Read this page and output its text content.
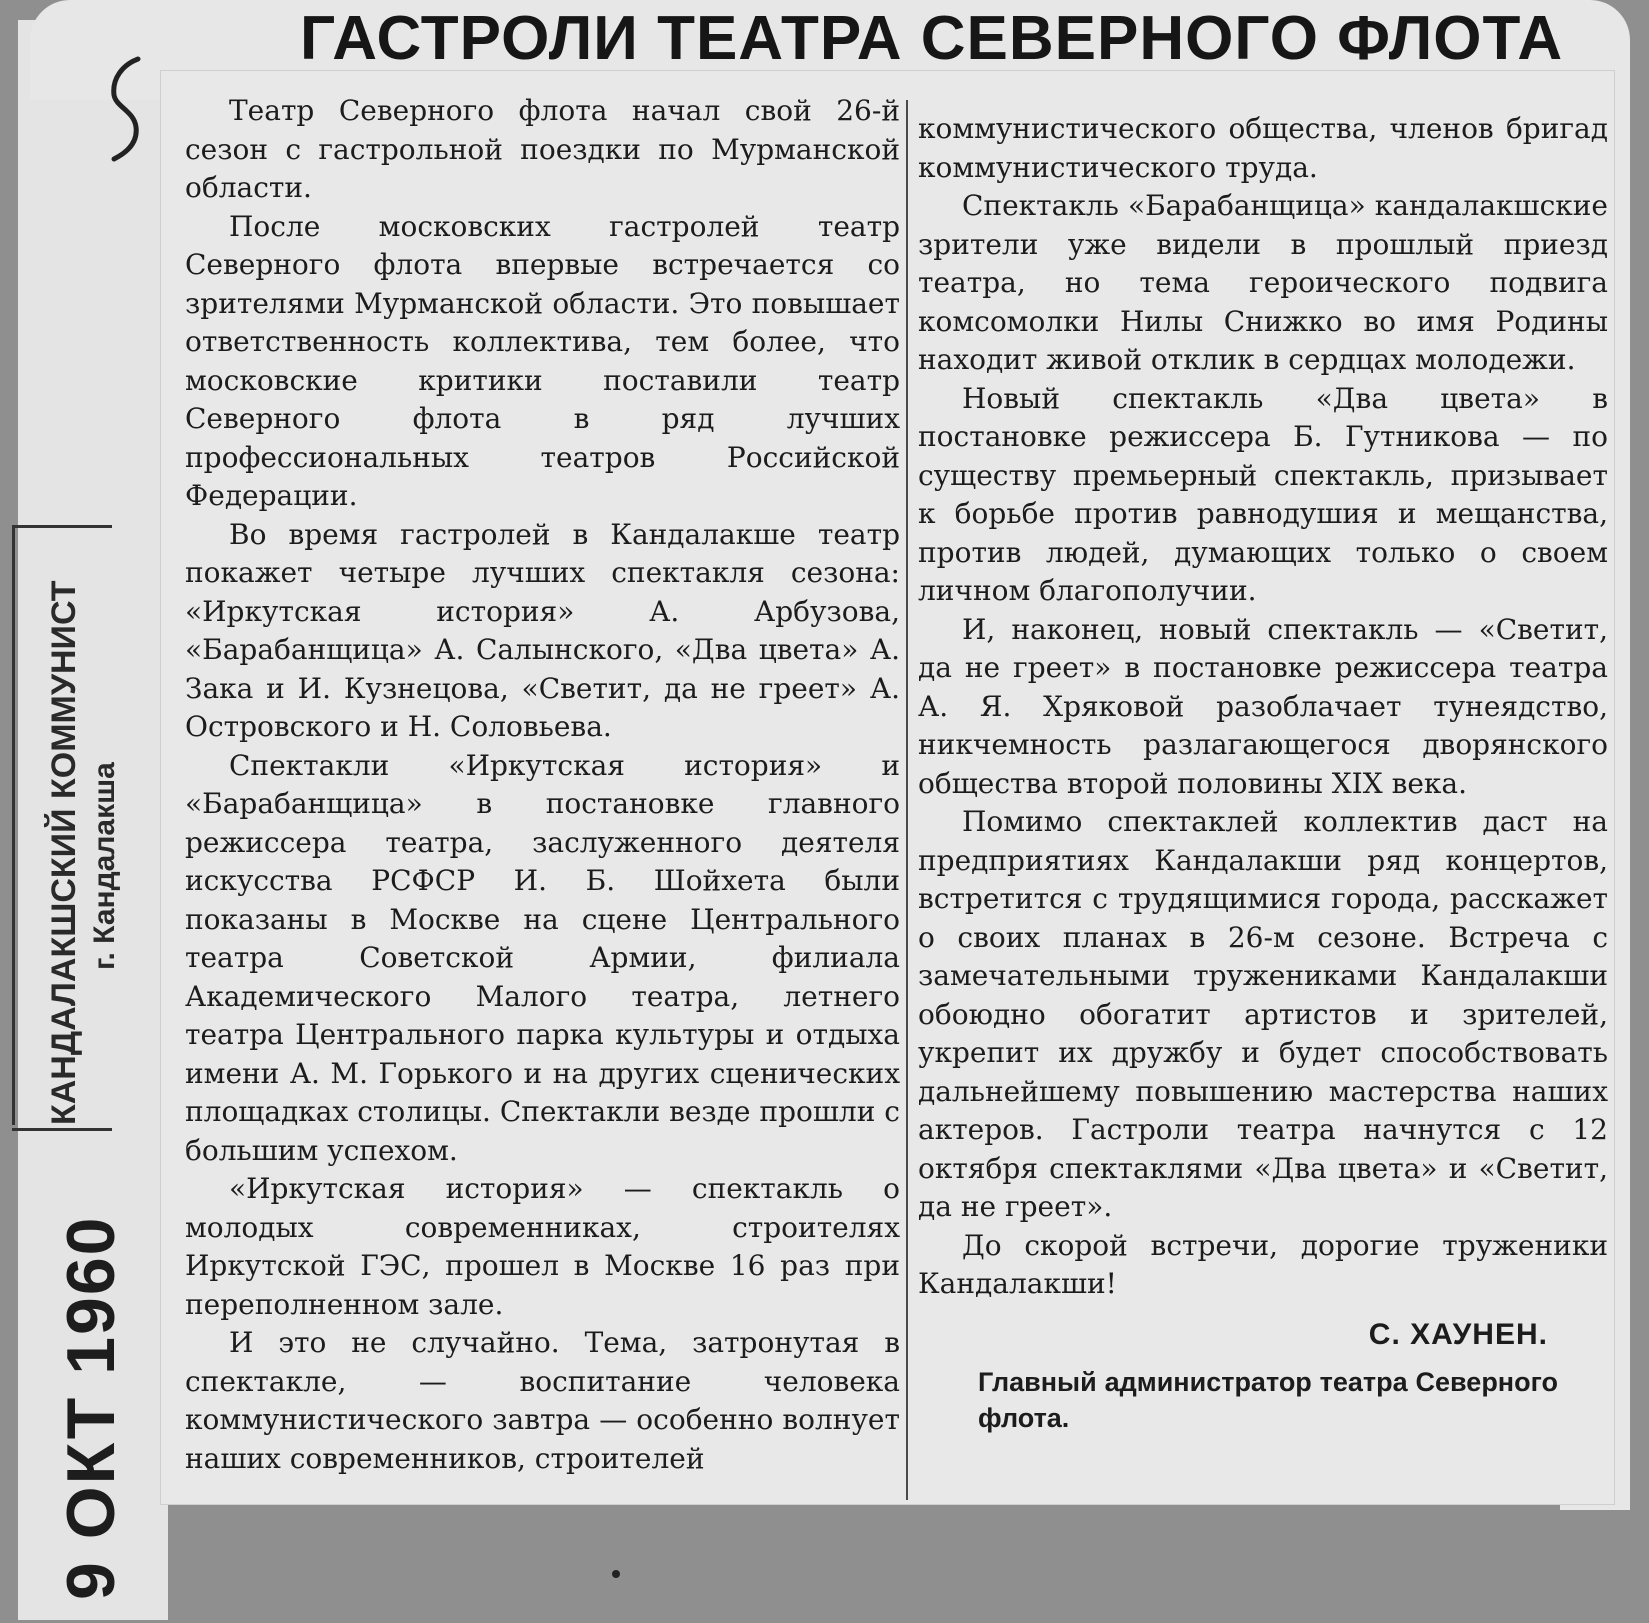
ГАСТРОЛИ ТЕАТРА СЕВЕРНОГО ФЛОТА

Театр Северного флота начал свой 26-й сезон с гастрольной поездки по Мурманской области.

После московских гастролей театр Северного флота впервые встречается со зрителями Мурманской области. Это повышает ответственность коллектива, тем более, что московские критики поставили театр Северного флота в ряд лучших профессиональных театров Российской Федерации.

Во время гастролей в Кандалакше театр покажет четыре лучших спектакля сезона: «Иркутская история» А. Арбузова, «Барабанщица» А. Салынского, «Два цвета» А. Зака и И. Кузнецова, «Светит, да не греет» А. Островского и Н. Соловьева.

Спектакли «Иркутская история» и «Барабанщица» в постановке главного режиссера театра, заслуженного деятеля искусства РСФСР И. Б. Шойхета были показаны в Москве на сцене Центрального театра Советской Армии, филиала Академического Малого театра, летнего театра Центрального парка культуры и отдыха имени А. М. Горького и на других сценических площадках столицы. Спектакли везде прошли с большим успехом.

«Иркутская история» — спектакль о молодых современниках, строителях Иркутской ГЭС, прошел в Москве 16 раз при переполненном зале.

И это не случайно. Тема, затронутая в спектакле, — воспитание человека коммунистического завтра — особенно волнует наших современников, строителей

коммунистического общества, членов бригад коммунистического труда.

Спектакль «Барабанщица» кандалакшские зрители уже видели в прошлый приезд театра, но тема героического подвига комсомолки Нилы Снижко во имя Родины находит живой отклик в сердцах молодежи.

Новый спектакль «Два цвета» в постановке режиссера Б. Гутникова — по существу премьерный спектакль, призывает к борьбе против равнодушия и мещанства, против людей, думающих только о своем личном благополучии.

И, наконец, новый спектакль — «Светит, да не греет» в постановке режиссера театра А. Я. Хряковой разоблачает тунеядство, никчемность разлагающегося дворянского общества второй половины XIX века.

Помимо спектаклей коллектив даст на предприятиях Кандалакши ряд концертов, встретится с трудящимися города, расскажет о своих планах в 26-м сезоне. Встреча с замечательными тружениками Кандалакши обоюдно обогатит артистов и зрителей, укрепит их дружбу и будет способствовать дальнейшему повышению мастерства наших актеров. Гастроли театра начнутся с 12 октября спектаклями «Два цвета» и «Светит, да не греет».

До скорой встречи, дорогие труженики Кандалакши!

С. ХАУНЕН.
Главный администратор театра Северного флота.
КАНДАЛАКШСКИЙ КОММУНИСТ г. Кандалакша
9 ОКТ 1960
